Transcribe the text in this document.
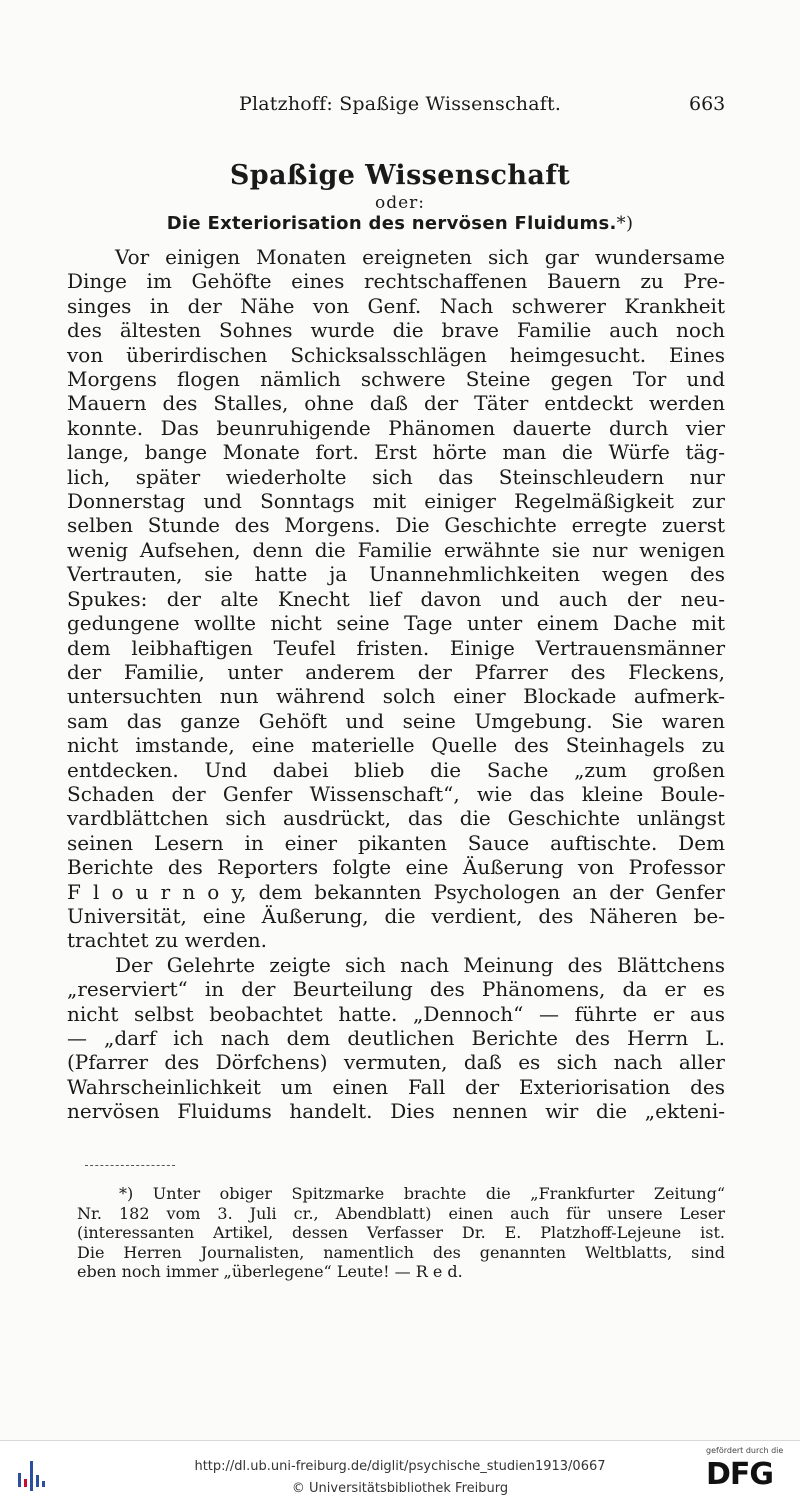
Platzhoff: Spaßige Wissenschaft.	663
Spaßige Wissenschaft
oder:
Die Exteriorisation des nervösen Fluidums.*)
Vor einigen Monaten ereigneten sich gar wundersame
Dinge im Gehöfte eines rechtschaffenen Bauern zu Pre-
singes in der Nähe von Genf. Nach schwerer Krankheit
des ältesten Sohnes wurde die brave Familie auch noch
von überirdischen Schicksalsschlägen heimgesucht. Eines
Morgens flogen nämlich schwere Steine gegen Tor und
Mauern des Stalles, ohne daß der Täter entdeckt werden
konnte. Das beunruhigende Phänomen dauerte durch vier
lange, bange Monate fort. Erst hörte man die Würfe täg-
lich, später wiederholte sich das Steinschleudern nur
Donnerstag und Sonntags mit einiger Regelmäßigkeit zur
selben Stunde des Morgens. Die Geschichte erregte zuerst
wenig Aufsehen, denn die Familie erwähnte sie nur wenigen
Vertrauten, sie hatte ja Unannehmlichkeiten wegen des
Spukes: der alte Knecht lief davon und auch der neu-
gedungene wollte nicht seine Tage unter einem Dache mit
dem leibhaftigen Teufel fristen. Einige Vertrauensmänner
der Familie, unter anderem der Pfarrer des Fleckens,
untersuchten nun während solch einer Blockade aufmerk-
sam das ganze Gehöft und seine Umgebung. Sie waren
nicht imstande, eine materielle Quelle des Steinhagels zu
entdecken. Und dabei blieb die Sache „zum großen
Schaden der Genfer Wissenschaft“, wie das kleine Boule-
vardblättchen sich ausdrückt, das die Geschichte unlängst
seinen Lesern in einer pikanten Sauce auftischte. Dem
Berichte des Reporters folgte eine Äußerung von Professor
F l o u r n o y, dem bekannten Psychologen an der Genfer
Universität, eine Äußerung, die verdient, des Näheren be-
trachtet zu werden.
Der Gelehrte zeigte sich nach Meinung des Blättchens
„reserviert“ in der Beurteilung des Phänomens, da er es
nicht selbst beobachtet hatte. „Dennoch“ — führte er aus
— „darf ich nach dem deutlichen Berichte des Herrn L.
(Pfarrer des Dörfchens) vermuten, daß es sich nach aller
Wahrscheinlichkeit um einen Fall der Exteriorisation des
nervösen Fluidums handelt. Dies nennen wir die „ekteni-
*) Unter obiger Spitzmarke brachte die „Frankfurter Zeitung“
Nr. 182 vom 3. Juli cr., Abendblatt) einen auch für unsere Leser
(interessanten Artikel, dessen Verfasser Dr. E. Platzhoff-Lejeune ist.
Die Herren Journalisten, namentlich des genannten Weltblatts, sind
eben noch immer „überlegene“ Leute! — R e d.
http://dl.ub.uni-freiburg.de/diglit/psychische_studien1913/0667
© Universitätsbibliothek Freiburg
gefördert durch die
DFG
